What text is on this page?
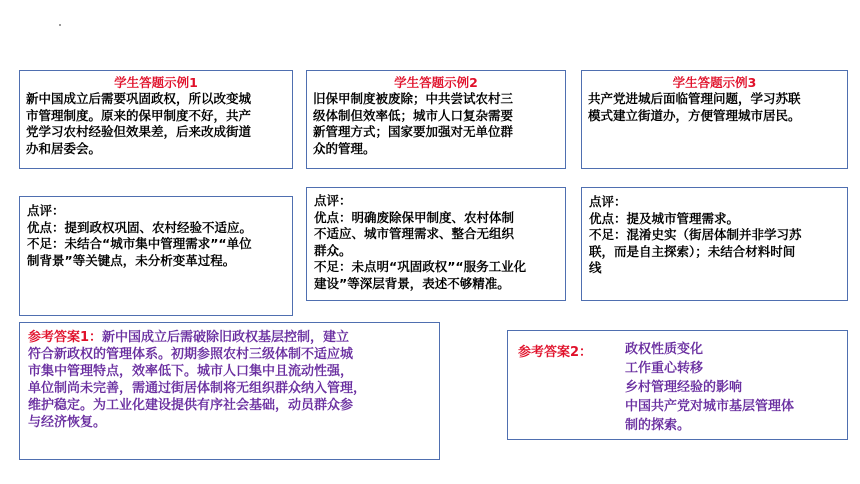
学生答题示例1
新中国成立后需要巩固政权，所以改变城
市管理制度。原来的保甲制度不好，共产
党学习农村经验但效果差，后来改成街道
办和居委会。
学生答题示例2
旧保甲制度被废除；中共尝试农村三
级体制但效率低；城市人口复杂需要
新管理方式；国家要加强对无单位群
众的管理。
学生答题示例3
共产党进城后面临管理问题，学习苏联
模式建立街道办，方便管理城市居民。
点评：
优点：提到政权巩固、农村经验不适应。
不足：未结合“城市集中管理需求”“单位
制背景”等关键点，未分析变革过程。
点评：
优点：明确废除保甲制度、农村体制
不适应、城市管理需求、整合无组织
群众。
不足：未点明“巩固政权”“服务工业化
建设”等深层背景，表述不够精准。
点评：
优点：提及城市管理需求。
不足：混淆史实（街居体制并非学习苏
联，而是自主探索）；未结合材料时间
线
参考答案1：新中国成立后需破除旧政权基层控制，建立
符合新政权的管理体系。初期参照农村三级体制不适应城
市集中管理特点，效率低下。城市人口集中且流动性强，
单位制尚未完善，需通过街居体制将无组织群众纳入管理，
维护稳定。为工业化建设提供有序社会基础，动员群众参
与经济恢复。
参考答案2：	政权性质变化
工作重心转移
乡村管理经验的影响
中国共产党对城市基层管理体
制的探索。
